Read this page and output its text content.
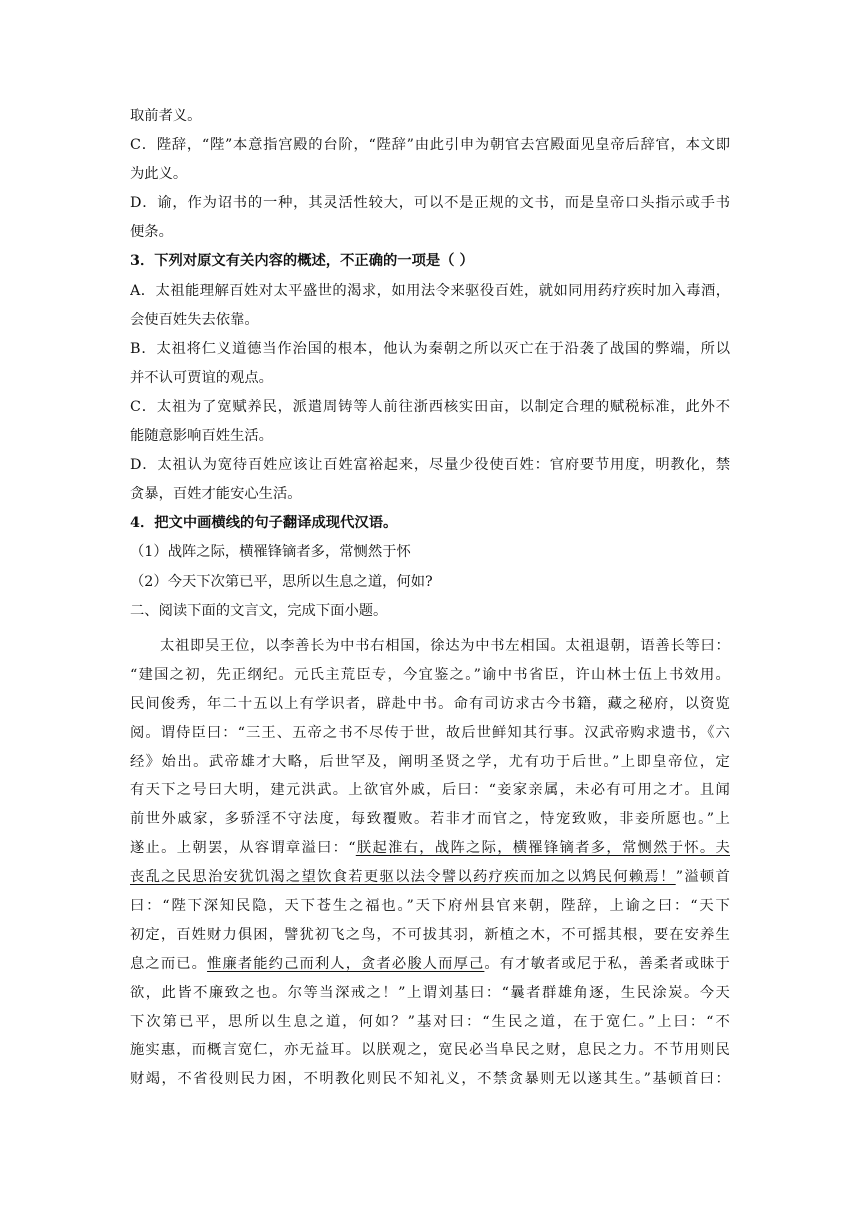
取前者义。
C．陛辞，“陛”本意指宫殿的台阶，“陛辞”由此引申为朝官去宫殿面见皇帝后辞官，本文即
为此义。
D．谕，作为诏书的一种，其灵活性较大，可以不是正规的文书，而是皇帝口头指示或手书
便条。
3．下列对原文有关内容的概述，不正确的一项是（ ）
A．太祖能理解百姓对太平盛世的渴求，如用法令来驱役百姓，就如同用药疗疾时加入毒酒，
会使百姓失去依靠。
B．太祖将仁义道德当作治国的根本，他认为秦朝之所以灭亡在于沿袭了战国的弊端，所以
并不认可贾谊的观点。
C．太祖为了宽赋养民，派遣周铸等人前往浙西核实田亩，以制定合理的赋税标准，此外不
能随意影响百姓生活。
D．太祖认为宽待百姓应该让百姓富裕起来，尽量少役使百姓：官府要节用度，明教化，禁
贪暴，百姓才能安心生活。
4．把文中画横线的句子翻译成现代汉语。
（1）战阵之际，横罹锋镝者多，常恻然于怀
（2）今天下次第已平，思所以生息之道，何如?
二、阅读下面的文言文，完成下面小题。
太祖即吴王位，以李善长为中书右相国，徐达为中书左相国。太祖退朝，语善长等曰：
“建国之初，先正纲纪。元氏主荒臣专，今宜鉴之。”谕中书省臣，许山林士伍上书效用。
民间俊秀，年二十五以上有学识者，辟赴中书。命有司访求古今书籍，藏之秘府，以资览
阅。谓侍臣曰：“三王、五帝之书不尽传于世，故后世鲜知其行事。汉武帝购求遗书，《六
经》始出。武帝雄才大略，后世罕及，阐明圣贤之学，尤有功于后世。”上即皇帝位，定
有天下之号曰大明，建元洪武。上欲官外戚，后曰：“妾家亲属，未必有可用之才。且闻
前世外戚家，多骄淫不守法度，每致覆败。若非才而官之，恃宠致败，非妾所愿也。”上
遂止。上朝罢，从容谓章溢曰：“朕起淮右，战阵之际，横罹锋镝者多，常恻然于怀。夫
丧乱之民思治安犹饥渴之望饮食若更驱以法令譬以药疗疾而加之以鸩民何赖焉！”溢顿首
曰：“陛下深知民隐，天下苍生之福也。”天下府州县官来朝，陛辞，上谕之曰：“天下
初定，百姓财力俱困，譬犹初飞之鸟，不可拔其羽，新植之木，不可摇其根，要在安养生
息之而已。惟廉者能约己而利人，贪者必朘人而厚己。有才敏者或尼于私，善柔者或昧于
欲，此皆不廉致之也。尔等当深戒之！”上谓刘基曰：“曩者群雄角逐，生民涂炭。今天
下次第已平，思所以生息之道，何如？”基对曰：“生民之道，在于宽仁。”上曰：“不
施实惠，而概言宽仁，亦无益耳。以朕观之，宽民必当阜民之财，息民之力。不节用则民
财竭，不省役则民力困，不明教化则民不知礼义，不禁贪暴则无以遂其生。”基顿首曰：
